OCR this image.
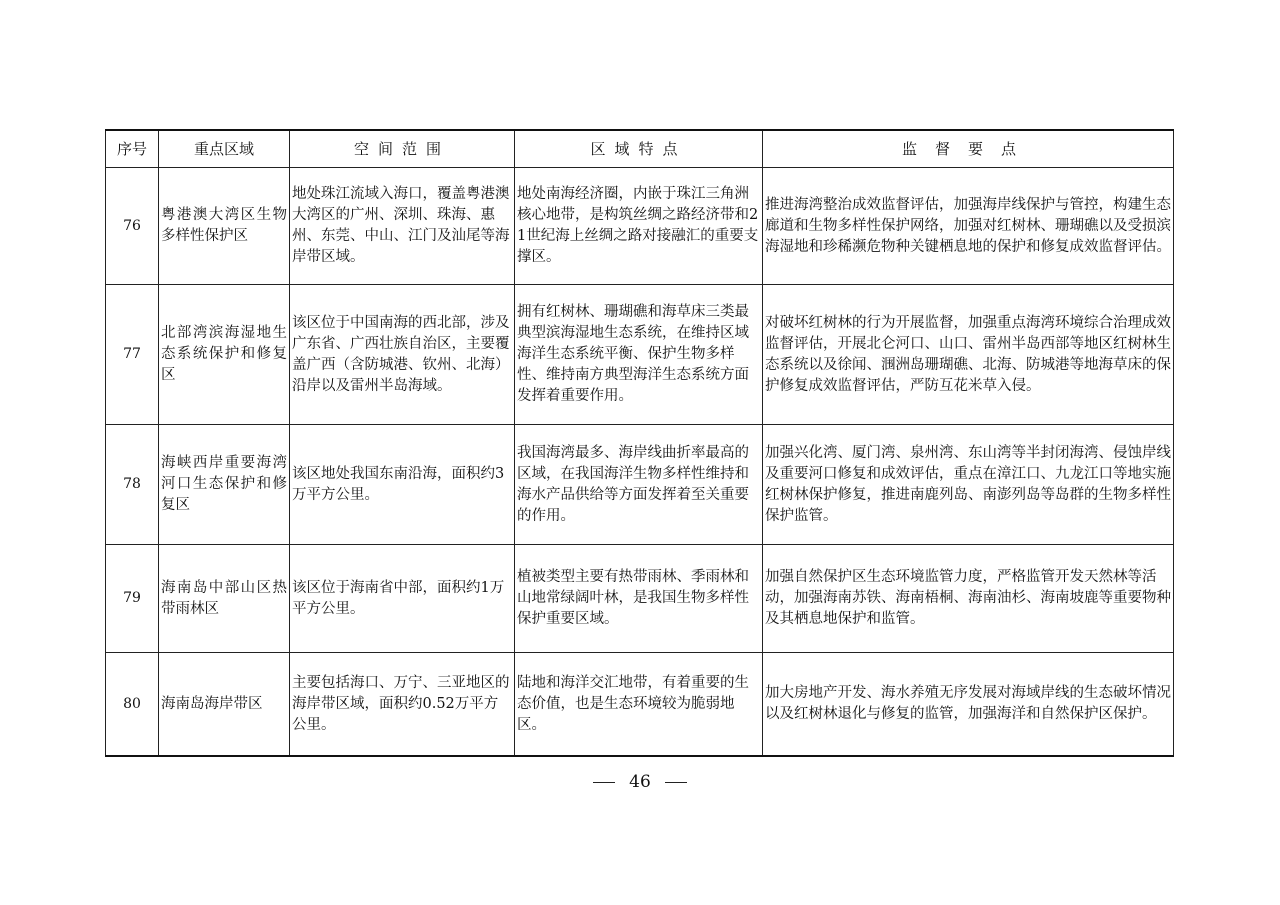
序号	重点区域	空间范围	区域特点	监督要点
76	粤港澳大湾区生物多样性保护区	地处珠江流域入海口，覆盖粤港澳大湾区的广州、深圳、珠海、惠州、东莞、中山、江门及汕尾等海岸带区域。	地处南海经济圈，内嵌于珠江三角洲核心地带，是构筑丝绸之路经济带和21世纪海上丝绸之路对接融汇的重要支撑区。	推进海湾整治成效监督评估，加强海岸线保护与管控，构建生态廊道和生物多样性保护网络，加强对红树林、珊瑚礁以及受损滨海湿地和珍稀濒危物种关键栖息地的保护和修复成效监督评估。
77	北部湾滨海湿地生态系统保护和修复区	该区位于中国南海的西北部，涉及广东省、广西壮族自治区，主要覆盖广西（含防城港、钦州、北海）沿岸以及雷州半岛海域。	拥有红树林、珊瑚礁和海草床三类最典型滨海湿地生态系统，在维持区域海洋生态系统平衡、保护生物多样性、维持南方典型海洋生态系统方面发挥着重要作用。	对破坏红树林的行为开展监督，加强重点海湾环境综合治理成效监督评估，开展北仑河口、山口、雷州半岛西部等地区红树林生态系统以及徐闻、涠洲岛珊瑚礁、北海、防城港等地海草床的保护修复成效监督评估，严防互花米草入侵。
78	海峡西岸重要海湾河口生态保护和修复区	该区地处我国东南沿海，面积约3万平方公里。	我国海湾最多、海岸线曲折率最高的区域，在我国海洋生物多样性维持和海水产品供给等方面发挥着至关重要的作用。	加强兴化湾、厦门湾、泉州湾、东山湾等半封闭海湾、侵蚀岸线及重要河口修复和成效评估，重点在漳江口、九龙江口等地实施红树林保护修复，推进南鹿列岛、南澎列岛等岛群的生物多样性保护监管。
79	海南岛中部山区热带雨林区	该区位于海南省中部，面积约1万平方公里。	植被类型主要有热带雨林、季雨林和山地常绿阔叶林，是我国生物多样性保护重要区域。	加强自然保护区生态环境监管力度，严格监管开发天然林等活动，加强海南苏铁、海南梧桐、海南油杉、海南坡鹿等重要物种及其栖息地保护和监管。
80	海南岛海岸带区	主要包括海口、万宁、三亚地区的海岸带区域，面积约0.52万平方公里。	陆地和海洋交汇地带，有着重要的生态价值，也是生态环境较为脆弱地区。	加大房地产开发、海水养殖无序发展对海域岸线的生态破坏情况以及红树林退化与修复的监管，加强海洋和自然保护区保护。
46
